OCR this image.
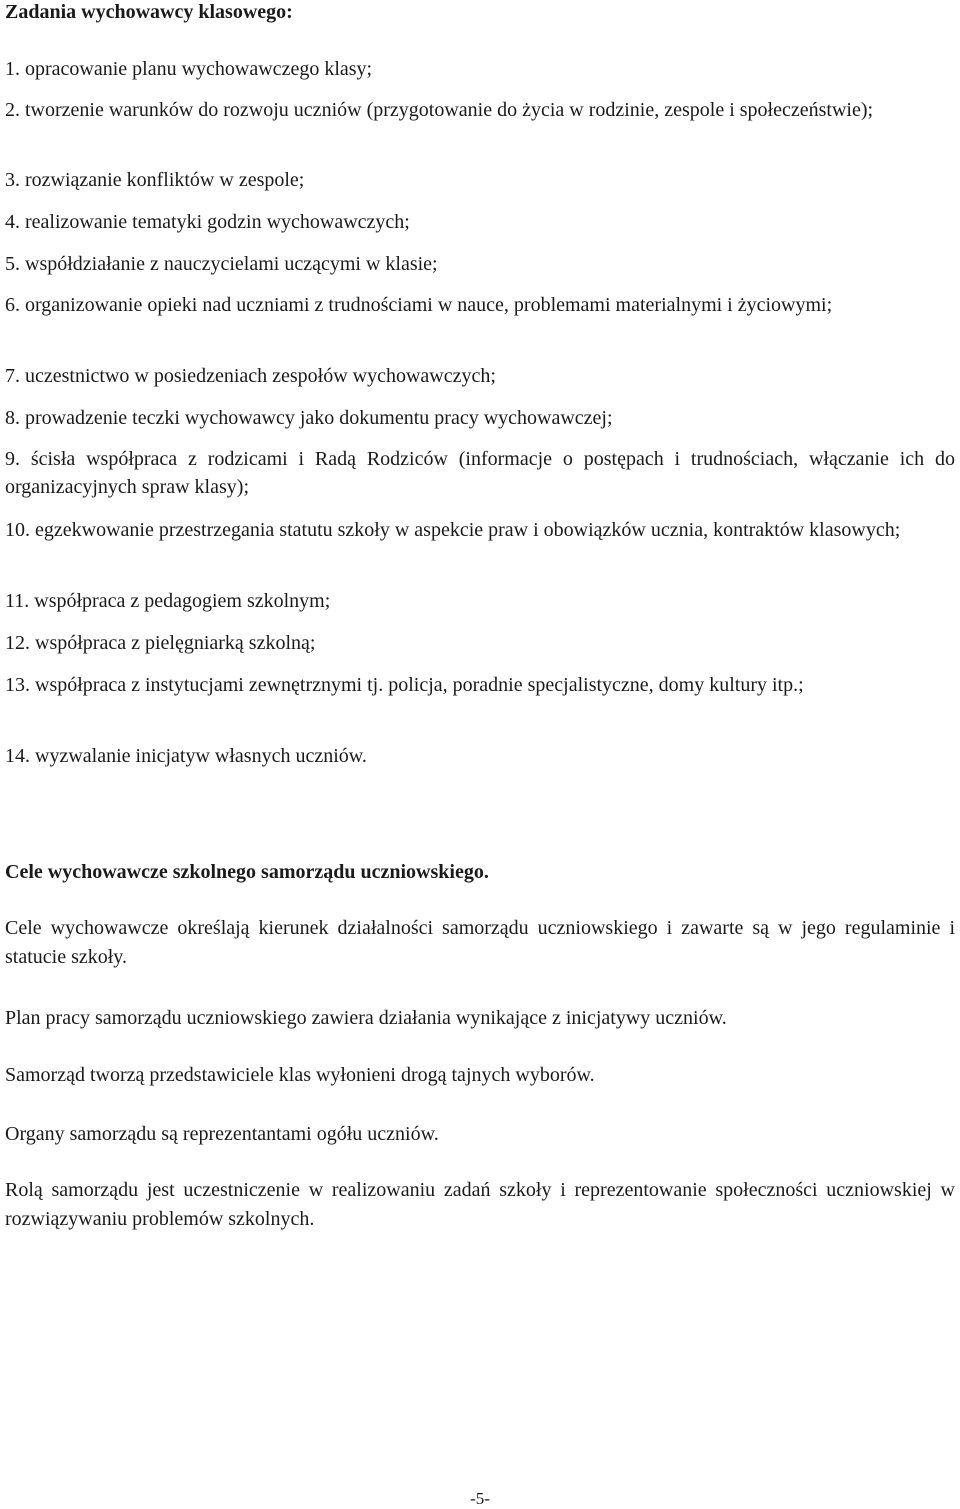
Zadania wychowawcy klasowego:
1. opracowanie planu wychowawczego klasy;
2. tworzenie warunków do rozwoju uczniów (przygotowanie do życia w rodzinie, zespole i społeczeństwie);
3. rozwiązanie konfliktów w zespole;
4. realizowanie tematyki godzin wychowawczych;
5. współdziałanie z nauczycielami uczącymi w klasie;
6. organizowanie opieki nad uczniami z trudnościami w nauce, problemami materialnymi i życiowymi;
7. uczestnictwo w posiedzeniach zespołów wychowawczych;
8. prowadzenie teczki wychowawcy jako dokumentu pracy wychowawczej;
9. ścisła współpraca z rodzicami i Radą Rodziców (informacje o postępach i trudnościach, włączanie ich do organizacyjnych spraw klasy);
10. egzekwowanie przestrzegania statutu szkoły w aspekcie praw i obowiązków ucznia, kontraktów klasowych;
11. współpraca z pedagogiem szkolnym;
12. współpraca z pielęgniarką szkolną;
13. współpraca z instytucjami zewnętrznymi tj. policja, poradnie specjalistyczne, domy kultury itp.;
14. wyzwalanie inicjatyw własnych uczniów.
Cele wychowawcze szkolnego samorządu uczniowskiego.
Cele wychowawcze określają kierunek działalności samorządu uczniowskiego i zawarte są w jego regulaminie i statucie szkoły.
Plan pracy samorządu uczniowskiego zawiera działania wynikające z inicjatywy uczniów.
Samorząd tworzą przedstawiciele klas wyłonieni drogą tajnych wyborów.
Organy samorządu są reprezentantami ogółu uczniów.
Rolą samorządu jest uczestniczenie w realizowaniu zadań szkoły i reprezentowanie społeczności uczniowskiej w rozwiązywaniu problemów szkolnych.
-5-
